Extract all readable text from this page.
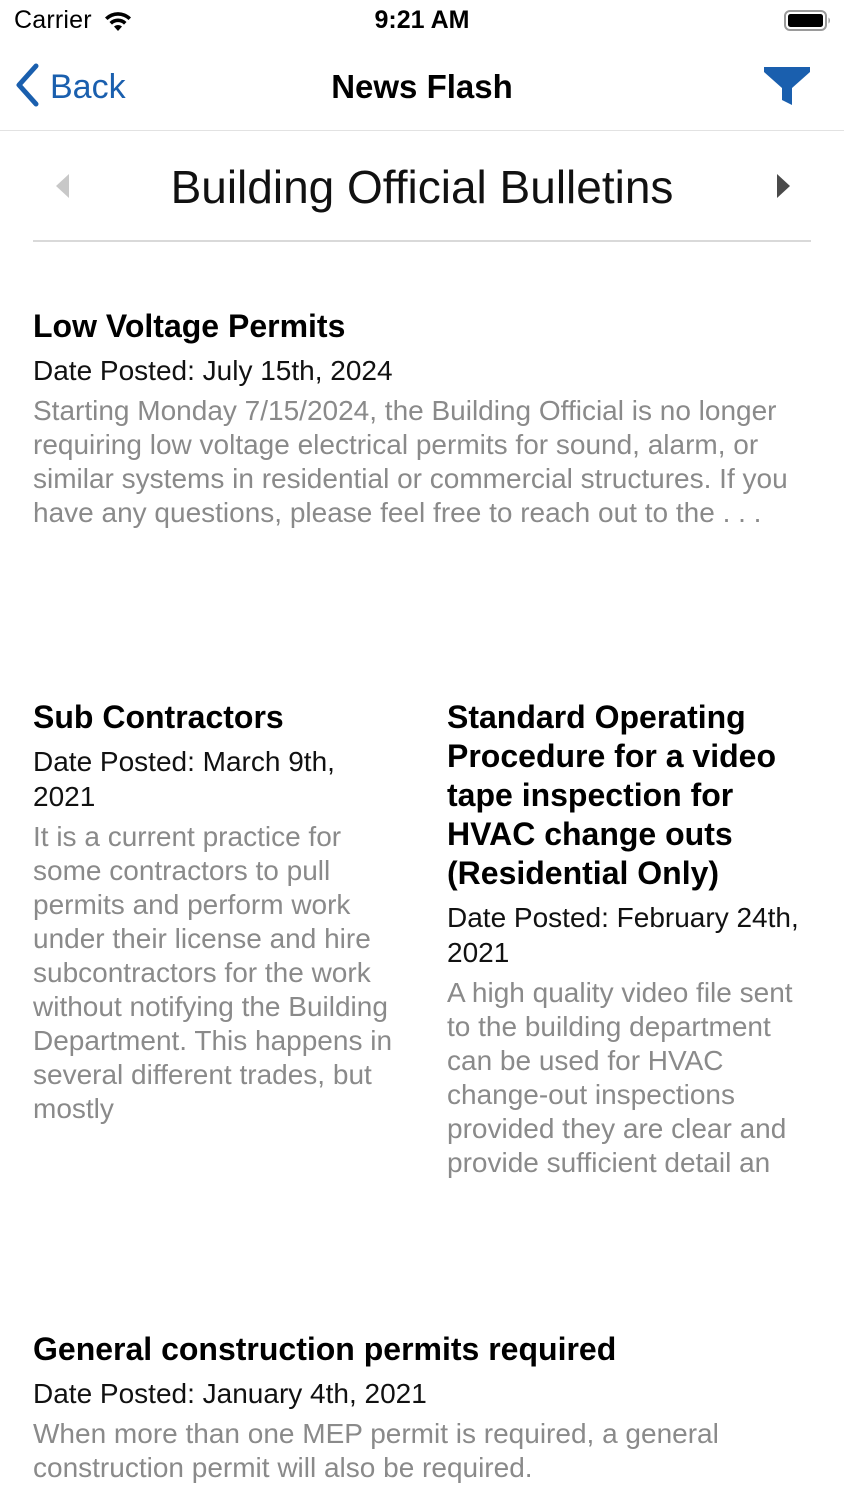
Carrier	9:21 AM
Back	News Flash
Building Official Bulletins
Low Voltage Permits
Date Posted: July 15th, 2024
Starting Monday 7/15/2024, the Building Official is no longer requiring low voltage electrical permits for sound, alarm, or similar systems in residential or commercial structures. If you have any questions, please feel free to reach out to the . . .
Sub Contractors
Date Posted: March 9th, 2021
It is a current practice for some contractors to pull permits and perform work under their license and hire subcontractors for the work without notifying the Building Department. This happens in several different trades, but mostly
Standard Operating Procedure for a video tape inspection for HVAC change outs (Residential Only)
Date Posted: February 24th, 2021
A high quality video file sent to the building department can be used for HVAC change-out inspections provided they are clear and provide sufficient detail an
General construction permits required
Date Posted: January 4th, 2021
When more than one MEP permit is required, a general construction permit will also be required.
